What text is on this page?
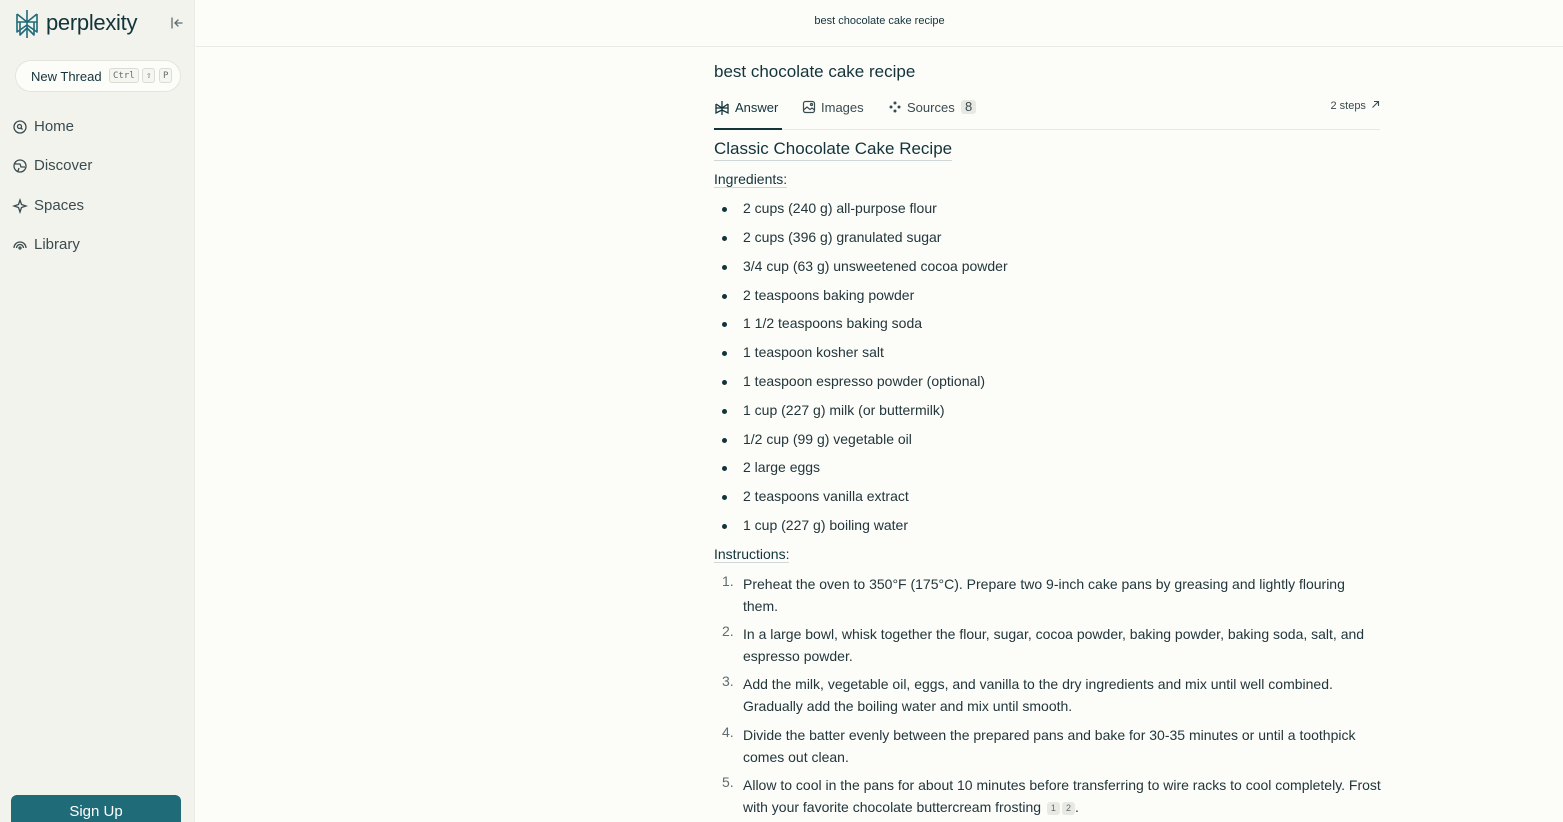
perplexity
New Thread	Ctrl	⇧	P
Home
Discover
Spaces
Library
Sign Up
best chocolate cake recipe
best chocolate cake recipe
Answer	Images	Sources 8	2 steps
Classic Chocolate Cake Recipe
Ingredients:
2 cups (240 g) all-purpose flour
2 cups (396 g) granulated sugar
3/4 cup (63 g) unsweetened cocoa powder
2 teaspoons baking powder
1 1/2 teaspoons baking soda
1 teaspoon kosher salt
1 teaspoon espresso powder (optional)
1 cup (227 g) milk (or buttermilk)
1/2 cup (99 g) vegetable oil
2 large eggs
2 teaspoons vanilla extract
1 cup (227 g) boiling water
Instructions:
1. Preheat the oven to 350°F (175°C). Prepare two 9-inch cake pans by greasing and lightly flouring them.
2. In a large bowl, whisk together the flour, sugar, cocoa powder, baking powder, baking soda, salt, and espresso powder.
3. Add the milk, vegetable oil, eggs, and vanilla to the dry ingredients and mix until well combined. Gradually add the boiling water and mix until smooth.
4. Divide the batter evenly between the prepared pans and bake for 30-35 minutes or until a toothpick comes out clean.
5. Allow to cool in the pans for about 10 minutes before transferring to wire racks to cool completely. Frost with your favorite chocolate buttercream frosting 1 2 .
